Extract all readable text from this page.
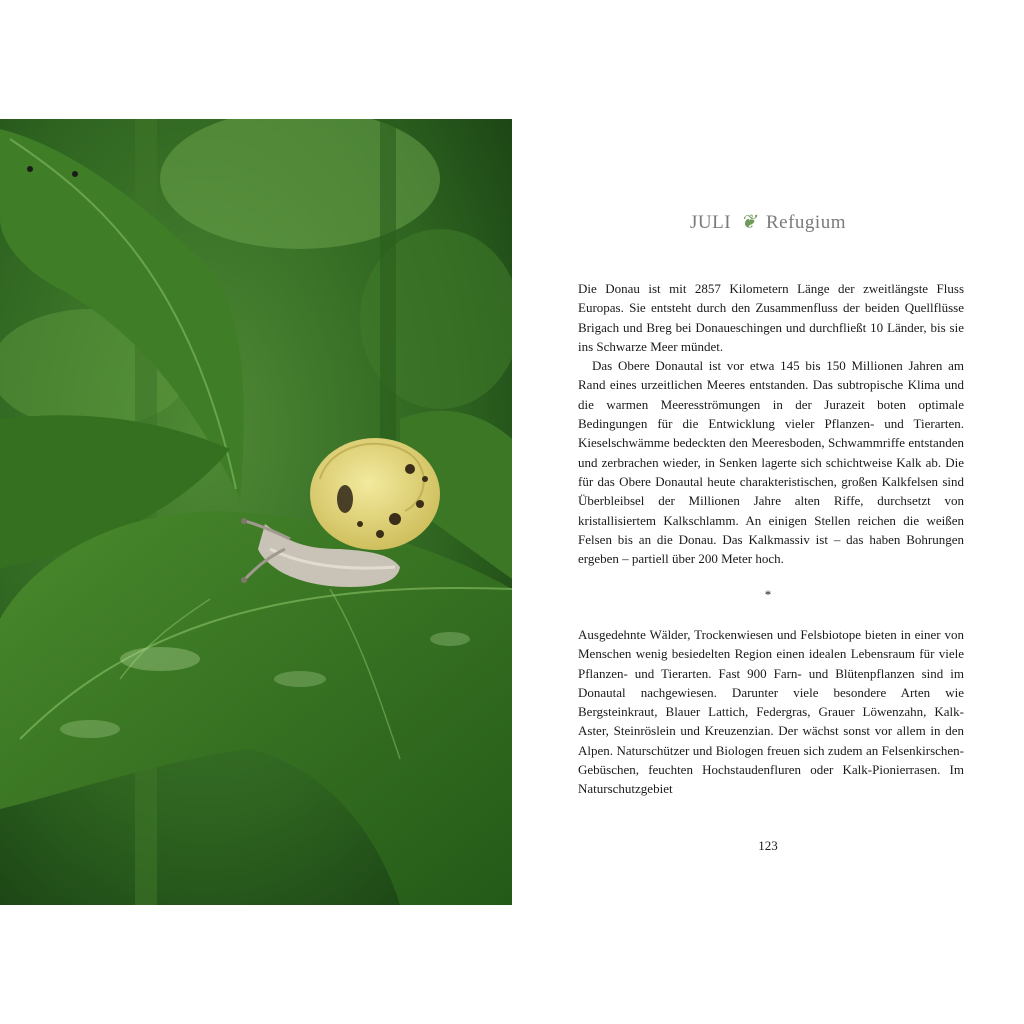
JULI ❦ Refugium

Die Donau ist mit 2857 Kilometern Länge der zweitlängste Fluss Europas. Sie entsteht durch den Zusammenfluss der beiden Quellflüsse Brigach und Breg bei Donaueschingen und durchfließt 10 Länder, bis sie ins Schwarze Meer mündet.

Das Obere Donautal ist vor etwa 145 bis 150 Millionen Jahren am Rand eines urzeitlichen Meeres entstanden. Das subtropische Klima und die warmen Meeresströmungen in der Jurazeit boten optimale Bedingungen für die Entwicklung vieler Pflanzen- und Tierarten. Kieselschwämme bedeckten den Meeresboden, Schwammriffe entstanden und zerbrachen wieder, in Senken lagerte sich schichtweise Kalk ab. Die für das Obere Donautal heute charakteristischen, großen Kalkfelsen sind Überbleibsel der Millionen Jahre alten Riffe, durchsetzt von kristallisiertem Kalkschlamm. An einigen Stellen reichen die weißen Felsen bis an die Donau. Das Kalkmassiv ist – das haben Bohrungen ergeben – partiell über 200 Meter hoch.

*

Ausgedehnte Wälder, Trockenwiesen und Felsbiotope bieten in einer von Menschen wenig besiedelten Region einen idealen Lebensraum für viele Pflanzen- und Tierarten. Fast 900 Farn- und Blütenpflanzen sind im Donautal nachgewiesen. Darunter viele besondere Arten wie Bergsteinkraut, Blauer Lattich, Federgras, Grauer Löwenzahn, Kalk-Aster, Steinröslein und Kreuzenzian. Der wächst sonst vor allem in den Alpen. Naturschützer und Biologen freuen sich zudem an Felsenkirschen-Gebüschen, feuchten Hochstaudenfluren oder Kalk-Pionierrasen. Im Naturschutzgebiet

123
